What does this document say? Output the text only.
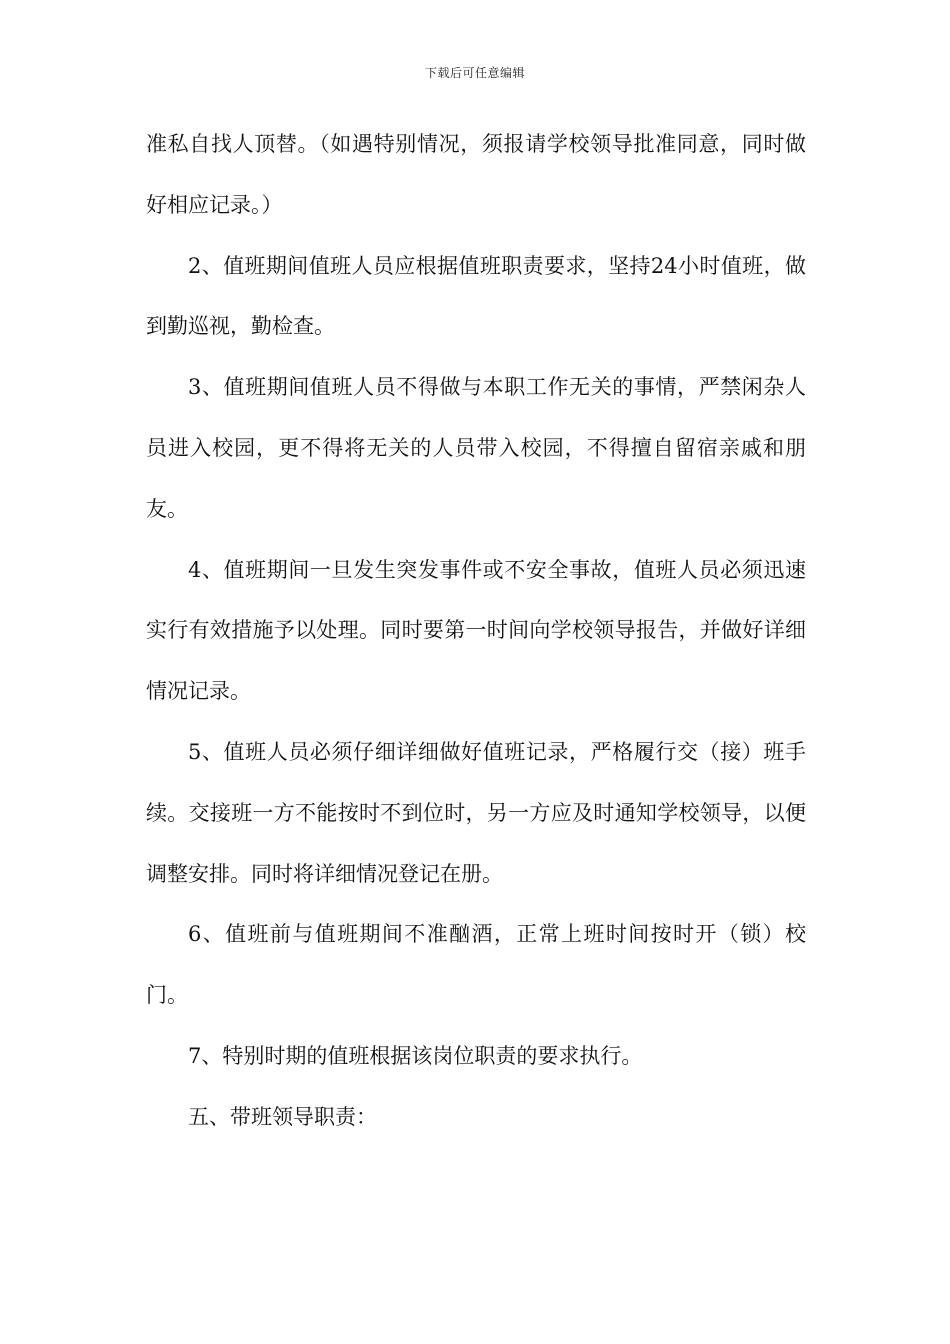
下载后可任意编辑

准私自找人顶替。（如遇特别情况，须报请学校领导批准同意，同时做好相应记录。）

2、值班期间值班人员应根据值班职责要求，坚持24小时值班，做到勤巡视，勤检查。

3、值班期间值班人员不得做与本职工作无关的事情，严禁闲杂人员进入校园，更不得将无关的人员带入校园，不得擅自留宿亲戚和朋友。

4、值班期间一旦发生突发事件或不安全事故，值班人员必须迅速实行有效措施予以处理。同时要第一时间向学校领导报告，并做好详细情况记录。

5、值班人员必须仔细详细做好值班记录，严格履行交（接）班手续。交接班一方不能按时不到位时，另一方应及时通知学校领导，以便调整安排。同时将详细情况登记在册。

6、值班前与值班期间不准酗酒，正常上班时间按时开（锁）校门。

7、特别时期的值班根据该岗位职责的要求执行。

五、带班领导职责：
